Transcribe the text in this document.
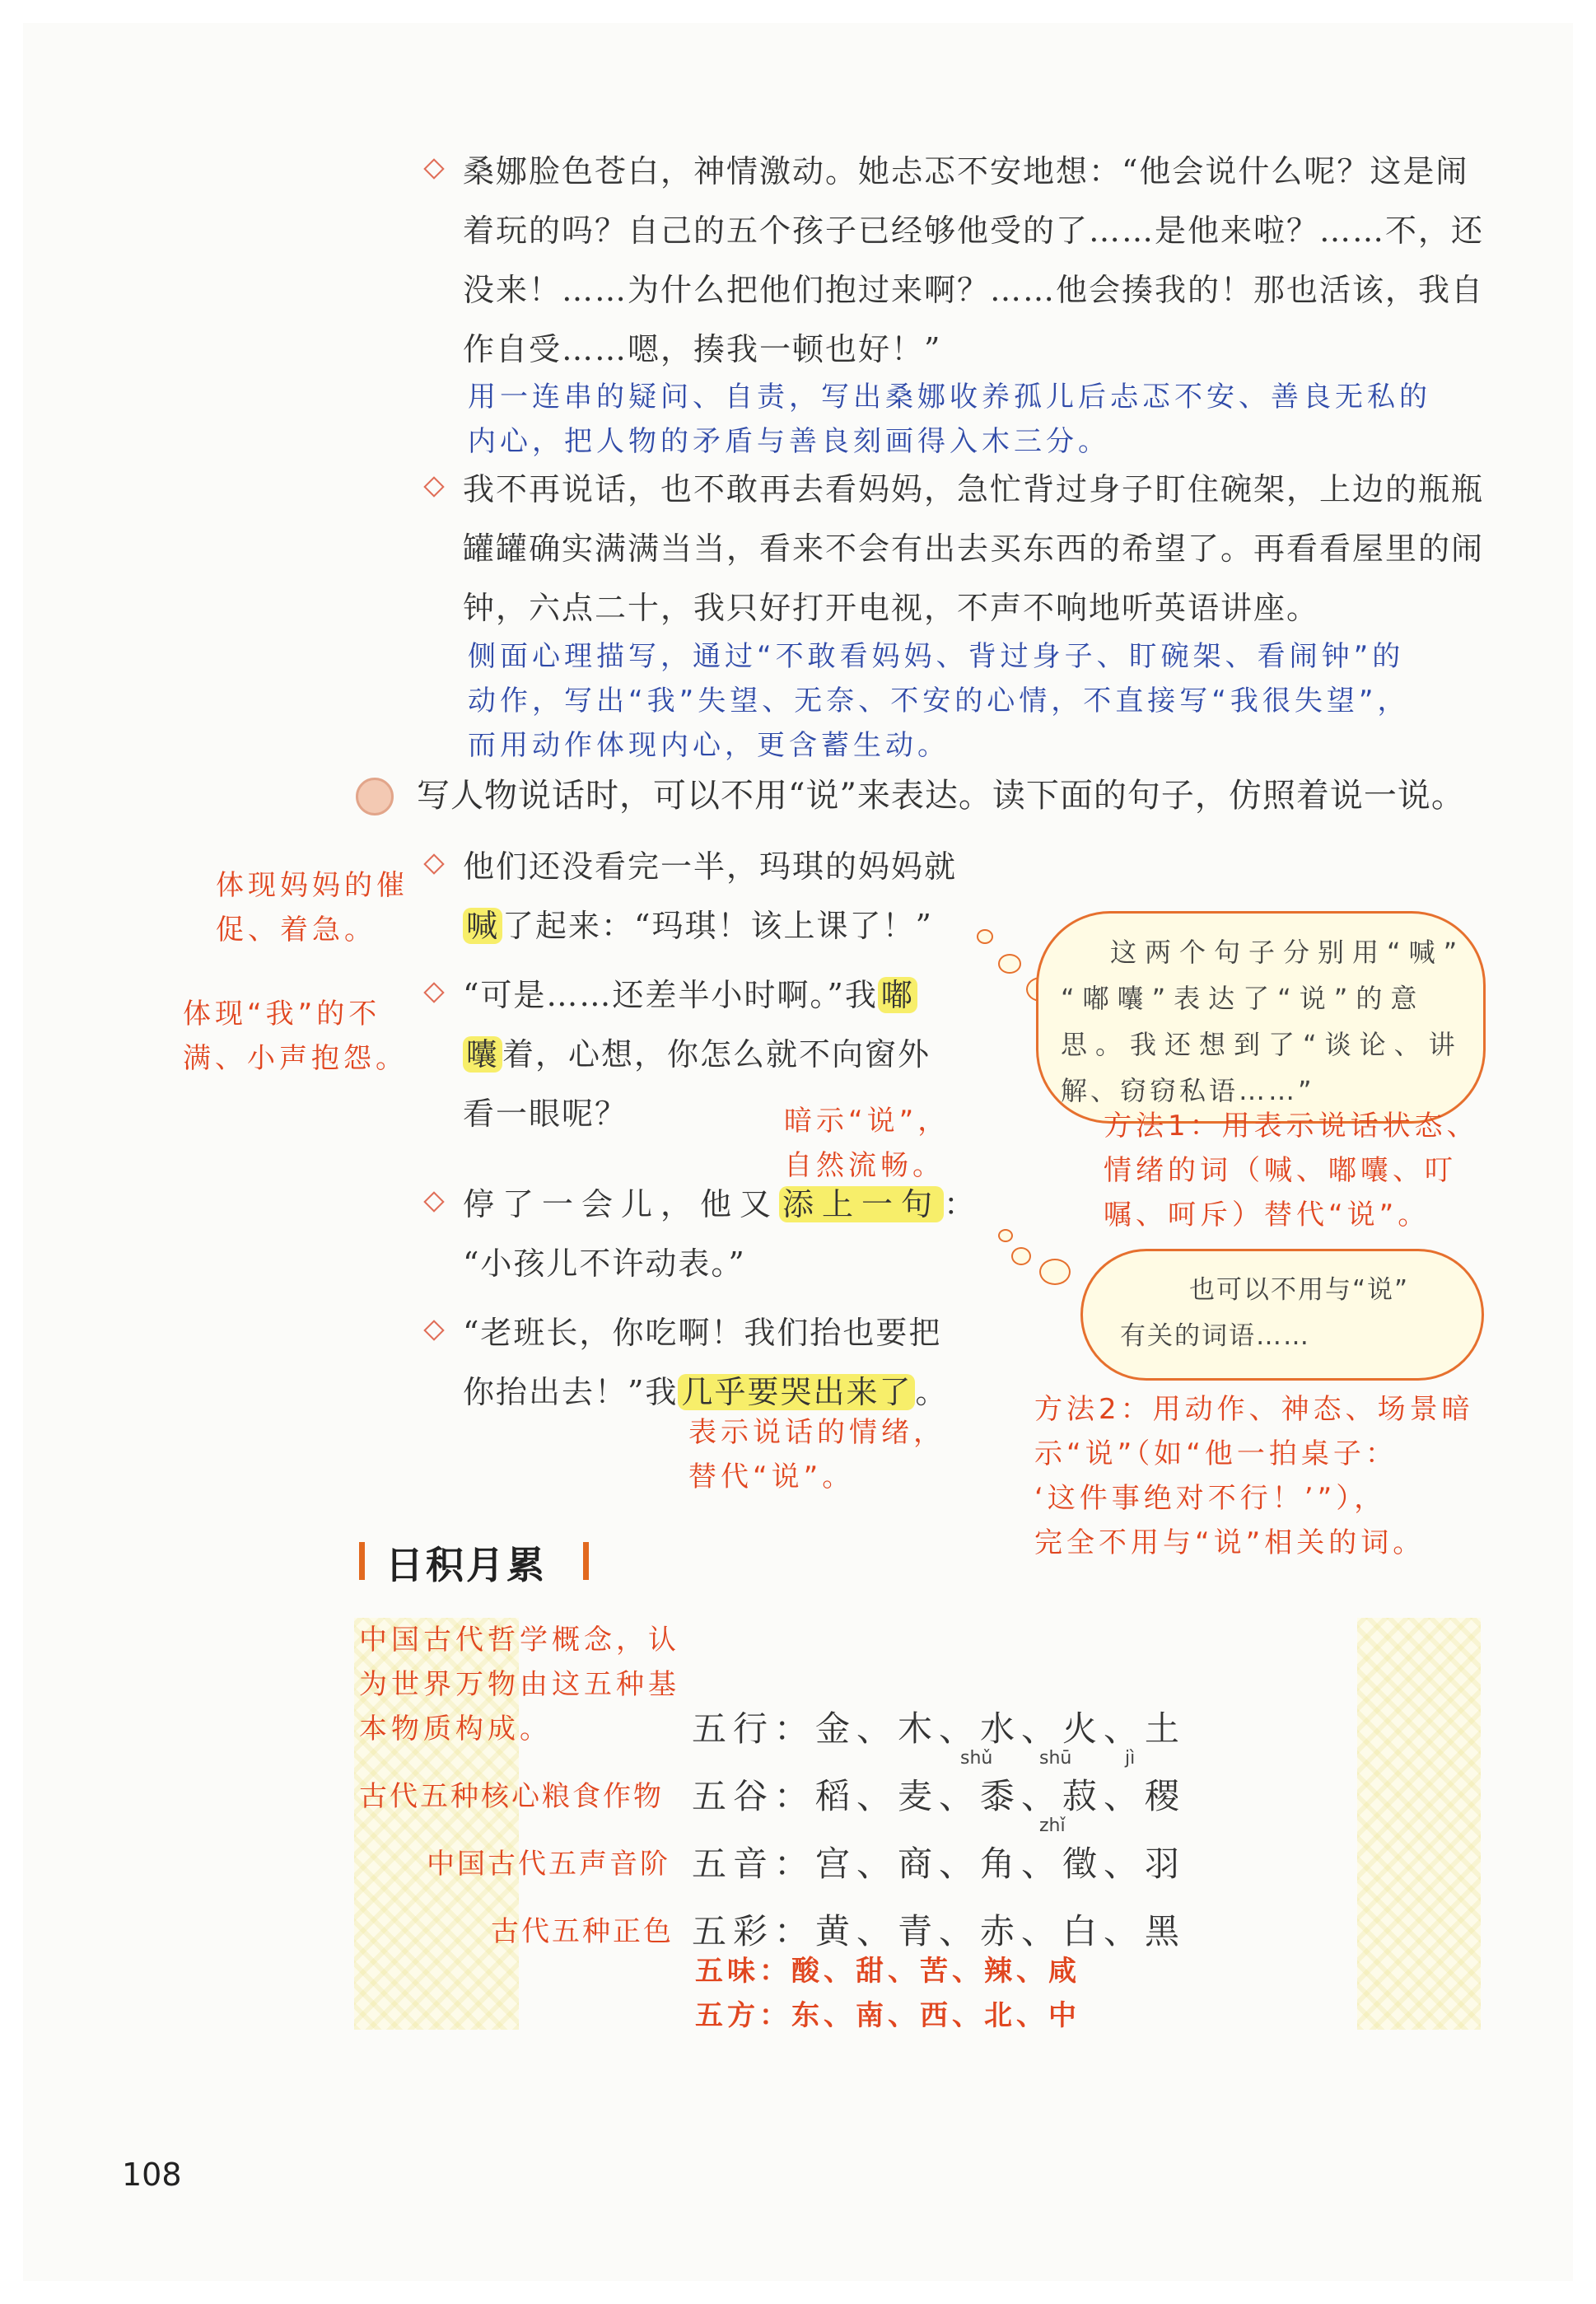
桑娜脸色苍白，神情激动。她忐忑不安地想：“他会说什么呢？这是闹
着玩的吗？自己的五个孩子已经够他受的了……是他来啦？……不，还
没来！……为什么把他们抱过来啊？……他会揍我的！那也活该，我自
作自受……嗯，揍我一顿也好！”
用一连串的疑问、自责，写出桑娜收养孤儿后忐忑不安、善良无私的
内心，把人物的矛盾与善良刻画得入木三分。
我不再说话，也不敢再去看妈妈，急忙背过身子盯住碗架，上边的瓶瓶
罐罐确实满满当当，看来不会有出去买东西的希望了。再看看屋里的闹
钟，六点二十，我只好打开电视，不声不响地听英语讲座。
侧面心理描写，通过“不敢看妈妈、背过身子、盯碗架、看闹钟”的
动作，写出“我”失望、无奈、不安的心情，不直接写“我很失望”，
而用动作体现内心，更含蓄生动。
写人物说话时，可以不用“说”来表达。读下面的句子，仿照着说一说。
他们还没看完一半，玛琪的妈妈就
喊 了起来：“玛琪！该上课了！”
“可是……还差半小时啊。”我 嘟
囔 着，心想，你怎么就不向窗外
看一眼呢？
停了一会儿，他又 添上一句 ：
“小孩儿不许动表。”
“老班长，你吃啊！我们抬也要把
你抬出去！”我 几乎要哭出来了 。
体现妈妈的催
促、着急。
体现“我”的不
满、小声抱怨。
暗示“说”，
自然流畅。
表示说话的情绪，
替代“说”。
这两个句子分别用“喊”
“嘟囔”表达了“说”的意
思。我还想到了“谈论、讲
解、窃窃私语……”
方法1：用表示说话状态、
情绪的词（喊、嘟囔、叮
嘱、呵斥）替代“说”。
也可以不用与“说”
有关的词语……
方法2：用动作、神态、场景暗
示“说”（如“他一拍桌子：
‘这件事绝对不行！’”），
完全不用与“说”相关的词。
日积月累
中国古代哲学概念，认
为世界万物由这五种基
本物质构成。	五行：金、木、水、火、土
shǔ	shū	jì
古代五种核心粮食作物 五谷：稻、麦、黍、菽、稷
zhǐ
中国古代五声音阶 五音：宫、商、角、徵、羽
古代五种正色 五彩：黄、青、赤、白、黑
五味：酸、甜、苦、辣、咸
五方：东、南、西、北、中
108
